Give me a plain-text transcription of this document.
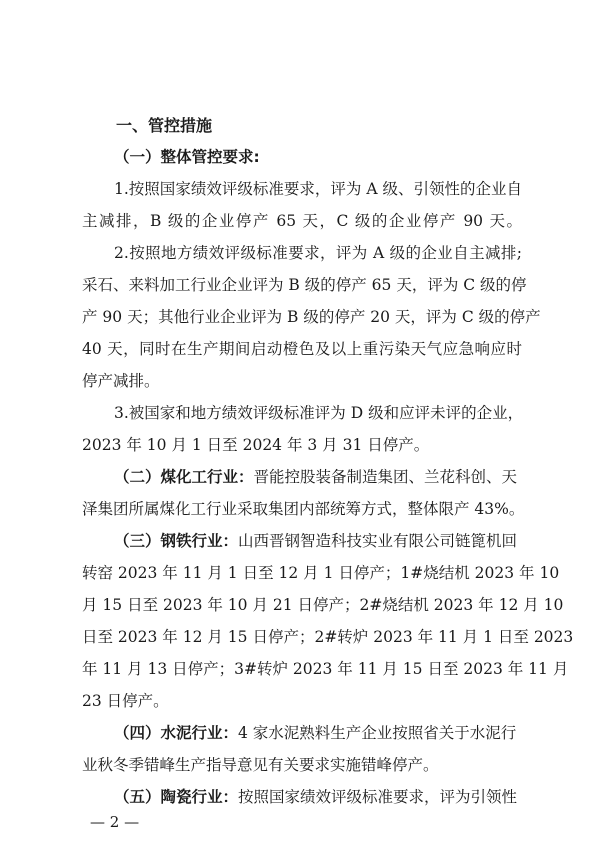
一、管控措施
（一）整体管控要求:
1.按照国家绩效评级标准要求，评为 A 级、引领性的企业自
主减排，B 级的企业停产 65 天，C 级的企业停产 90 天。
2.按照地方绩效评级标准要求，评为 A 级的企业自主减排;
采石、来料加工行业企业评为 B 级的停产 65 天，评为 C 级的停
产 90 天；其他行业企业评为 B 级的停产 20 天，评为 C 级的停产
40 天，同时在生产期间启动橙色及以上重污染天气应急响应时
停产减排。
3.被国家和地方绩效评级标准评为 D 级和应评未评的企业，
2023 年 10 月 1 日至 2024 年 3 月 31 日停产。
（二）煤化工行业：晋能控股装备制造集团、兰花科创、天
泽集团所属煤化工行业采取集团内部统筹方式，整体限产 43%。
（三）钢铁行业：山西晋钢智造科技实业有限公司链篦机回
转窑 2023 年 11 月 1 日至 12 月 1 日停产；1#烧结机 2023 年 10
月 15 日至 2023 年 10 月 21 日停产；2#烧结机 2023 年 12 月 10
日至 2023 年 12 月 15 日停产；2#转炉 2023 年 11 月 1 日至 2023
年 11 月 13 日停产；3#转炉 2023 年 11 月 15 日至 2023 年 11 月
23 日停产。
（四）水泥行业：4 家水泥熟料生产企业按照省关于水泥行
业秋冬季错峰生产指导意见有关要求实施错峰停产。
（五）陶瓷行业：按照国家绩效评级标准要求，评为引领性
— 2 —
